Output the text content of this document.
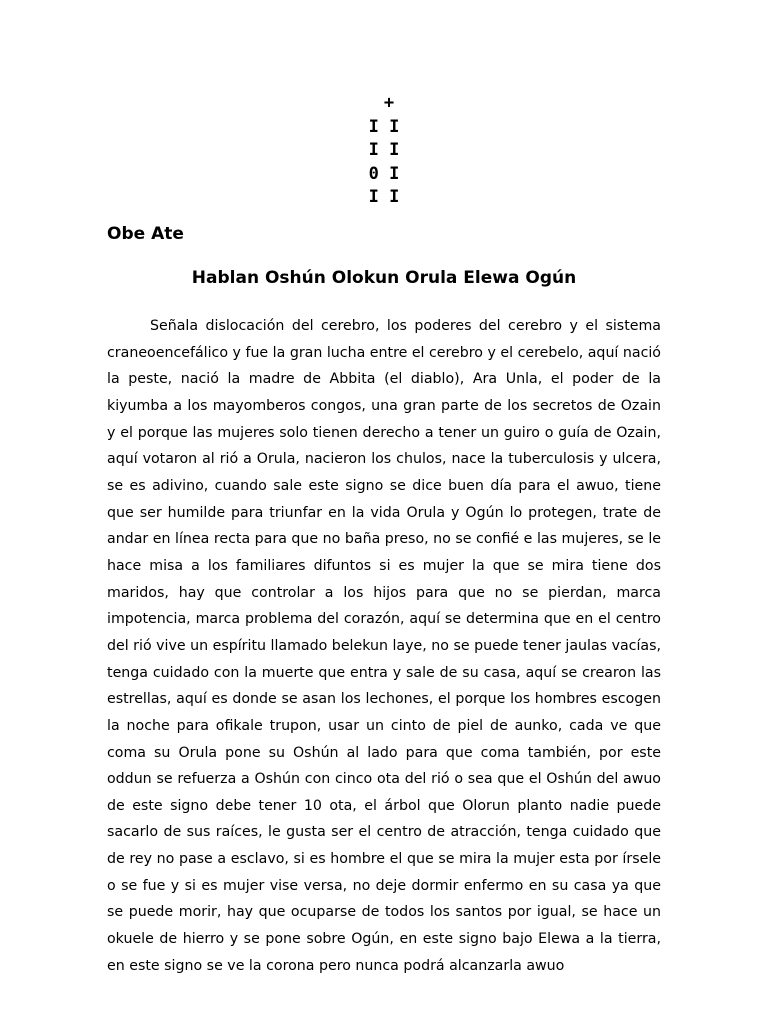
+
I I
I I
0 I
I I
Obe Ate
Hablan Oshún Olokun Orula Elewa Ogún

Señala dislocación del cerebro, los poderes del cerebro y el sistema craneoencefálico y fue la gran lucha entre el cerebro y el cerebelo, aquí nació la peste, nació la madre de Abbita (el diablo), Ara Unla, el poder de la kiyumba a los mayomberos congos, una gran parte de los secretos de Ozain y el porque las mujeres solo tienen derecho a tener un guiro o guía de Ozain, aquí votaron al rió a Orula, nacieron los chulos, nace la tuberculosis y ulcera, se es adivino, cuando sale este signo se dice buen día para el awuo, tiene que ser humilde para triunfar en la vida Orula y Ogún lo protegen, trate de andar en línea recta para que no baña preso, no se confié e las mujeres, se le hace misa a los familiares difuntos si es mujer la que se mira tiene dos maridos, hay que controlar a los hijos para que no se pierdan, marca impotencia, marca problema del corazón, aquí se determina que en el centro del rió vive un espíritu llamado belekun laye, no se puede tener jaulas vacías, tenga cuidado con la muerte que entra y sale de su casa, aquí se crearon las estrellas, aquí es donde se asan los lechones, el porque los hombres escogen la noche para ofikale trupon, usar un cinto de piel de aunko, cada ve que coma su Orula pone su Oshún al lado para que coma también, por este oddun se refuerza a Oshún con cinco ota del rió o sea que el Oshún del awuo de este signo debe tener 10 ota, el árbol que Olorun planto nadie puede sacarlo de sus raíces, le gusta ser el centro de atracción, tenga cuidado que de rey no pase a esclavo, si es hombre el que se mira la mujer esta por írsele o se fue y si es mujer vise versa, no deje dormir enfermo en su casa ya que se puede morir, hay que ocuparse de todos los santos por igual, se hace un okuele de hierro y se pone sobre Ogún, en este signo bajo Elewa a la tierra, en este signo se ve la corona pero nunca podrá alcanzarla awuo
